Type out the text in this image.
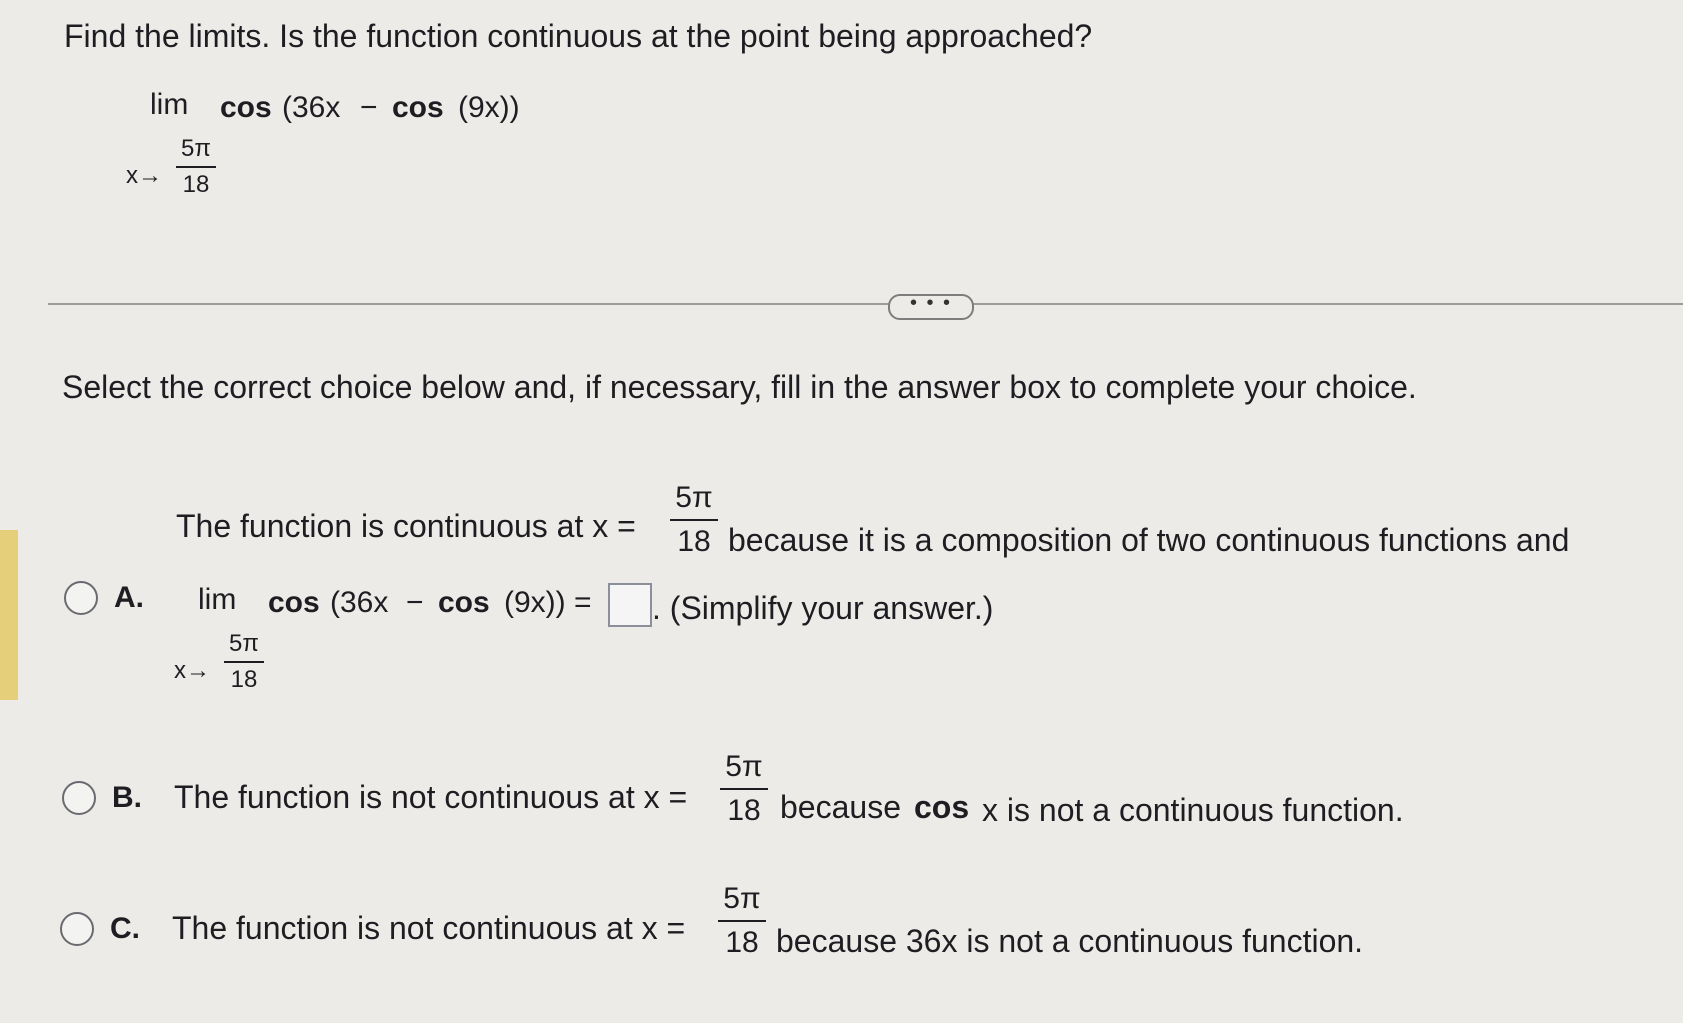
Find the limits. Is the function continuous at the point being approached?
lim cos (36x − cos (9x))
x→
5π
18
• • •
Select the correct choice below and, if necessary, fill in the answer box to complete your choice.
A.
The function is continuous at x =
5π
18 because it is a composition of two continuous functions and
lim cos (36x − cos (9x)) = . (Simplify your answer.)
x→
5π
18
B. The function is not continuous at x =
5π
18 because cos x is not a continuous function.
C. The function is not continuous at x =
5π
18 because 36x is not a continuous function.
